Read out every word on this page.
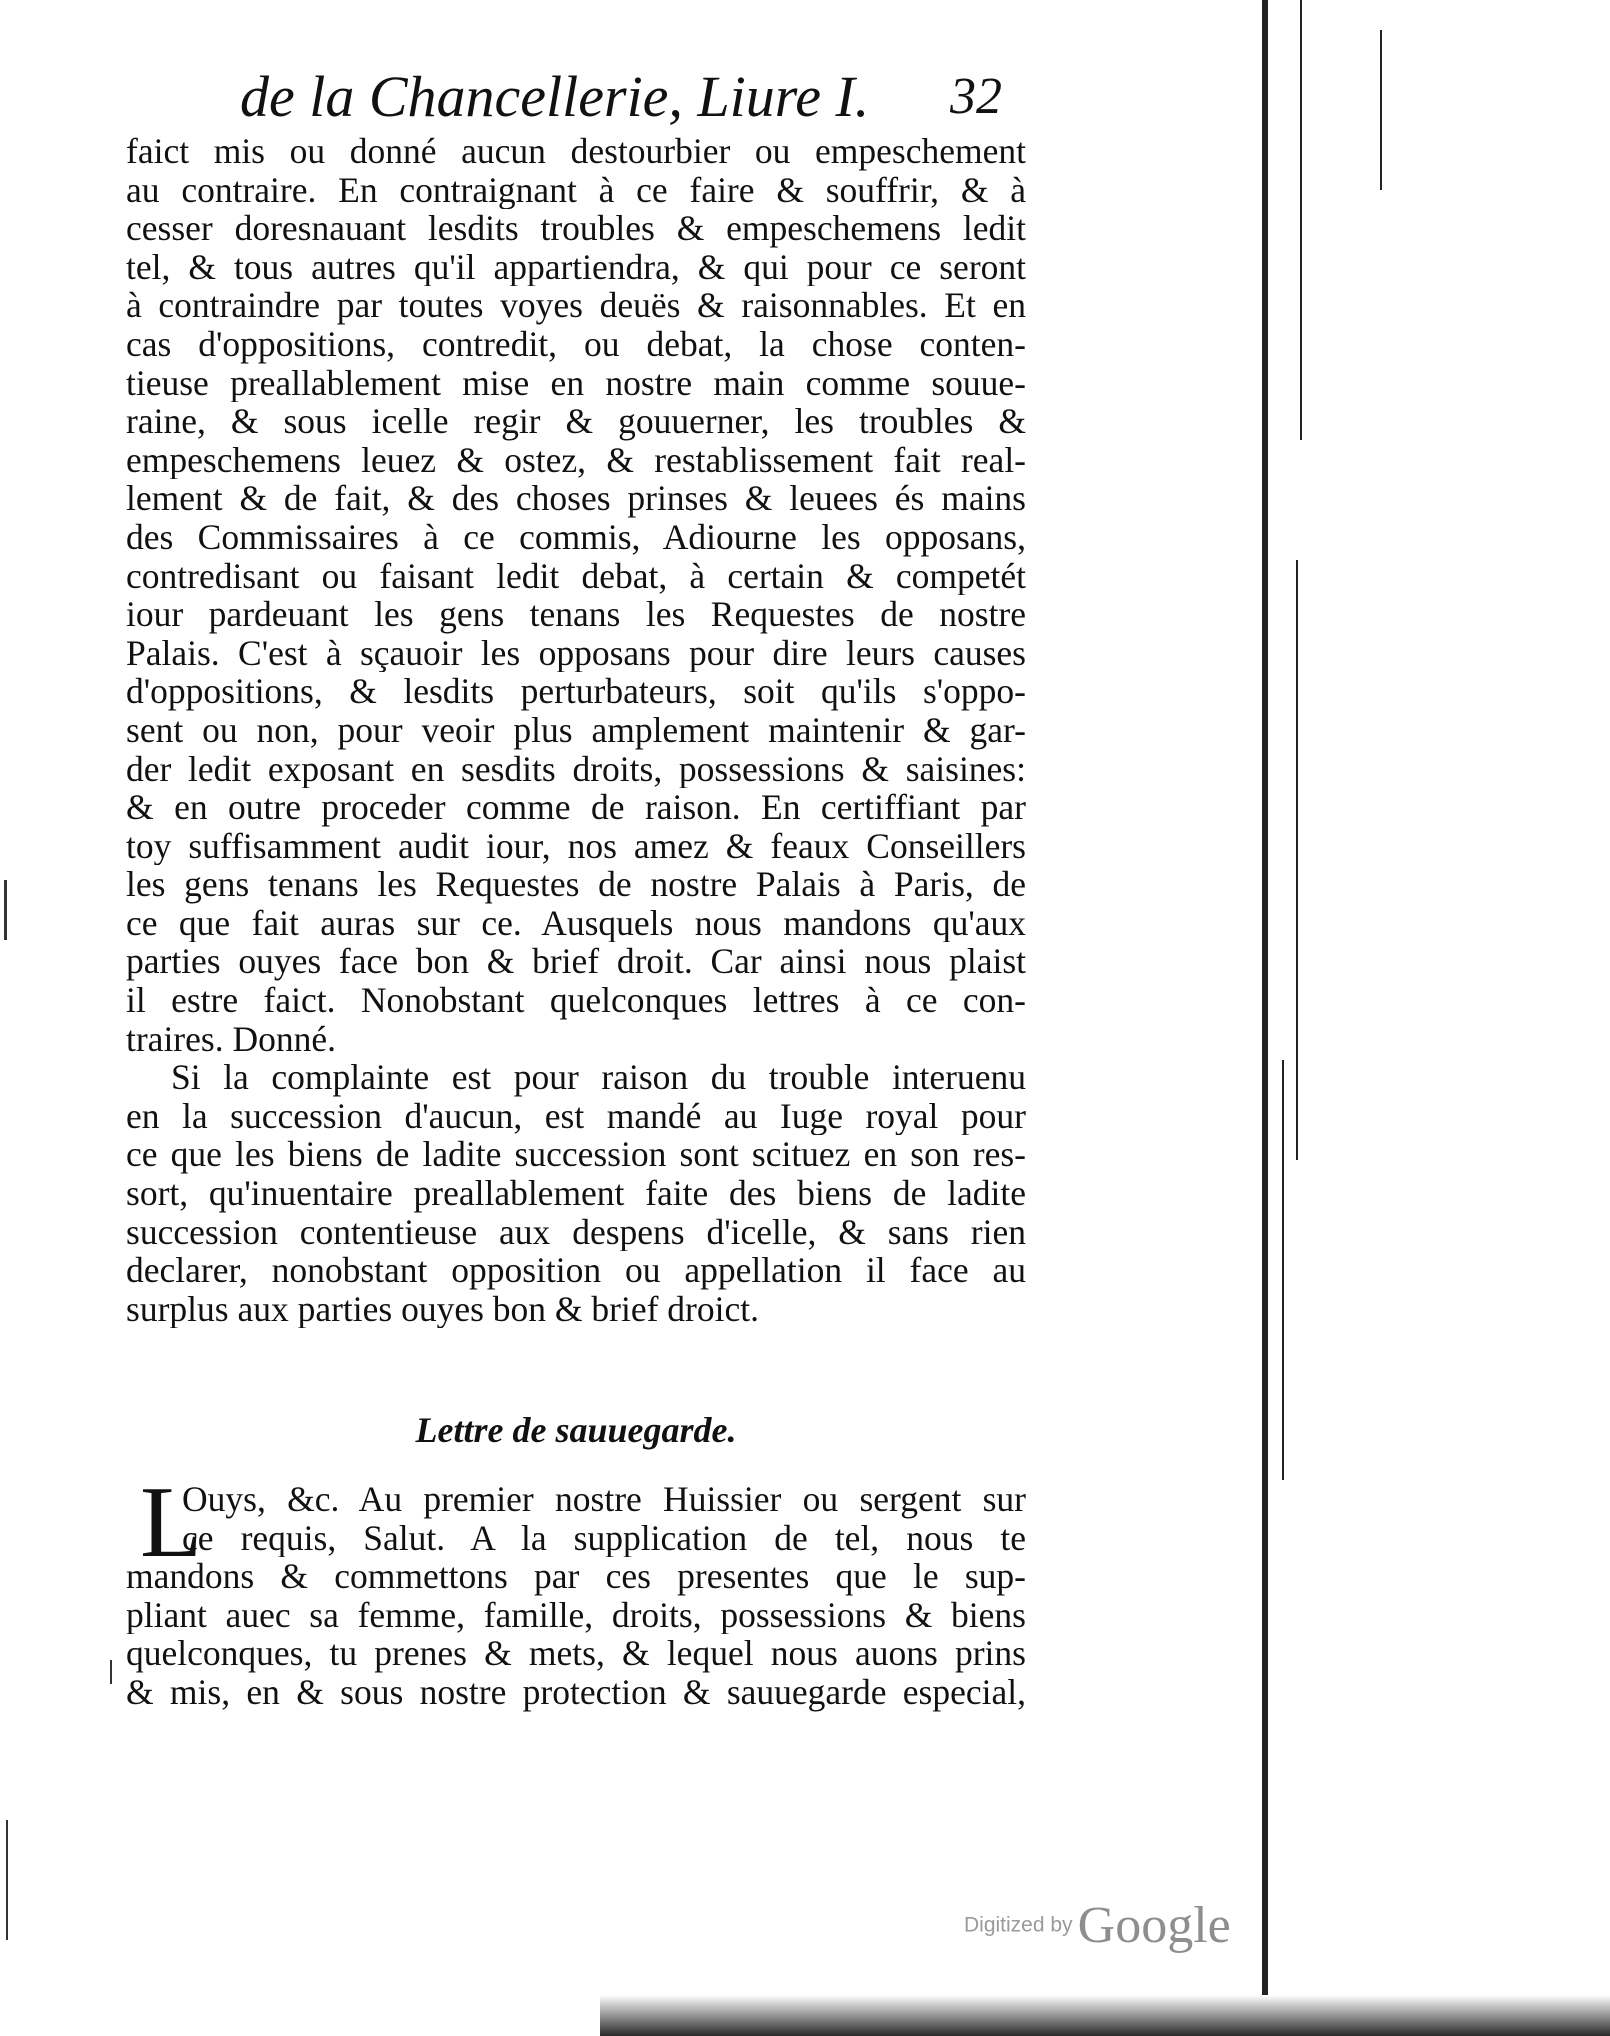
de la Chancellerie, Liure I.	32
faict mis ou donné aucun destourbier ou empeschement
au contraire. En contraignant à ce faire & souffrir, & à
cesser doresnauant lesdits troubles & empeschemens ledit
tel, & tous autres qu'il appartiendra, & qui pour ce seront
à contraindre par toutes voyes deuës & raisonnables. Et en
cas d'oppositions, contredit, ou debat, la chose conten-
tieuse preallablement mise en nostre main comme souue-
raine, & sous icelle regir & gouuerner, les troubles &
empeschemens leuez & ostez, & restablissement fait real-
lement & de fait, & des choses prinses & leuees és mains
des Commissaires à ce commis, Adiourne les opposans,
contredisant ou faisant ledit debat, à certain & competét
iour pardeuant les gens tenans les Requestes de nostre
Palais. C'est à sçauoir les opposans pour dire leurs causes
d'oppositions, & lesdits perturbateurs, soit qu'ils s'oppo-
sent ou non, pour veoir plus amplement maintenir & gar-
der ledit exposant en sesdits droits, possessions & saisines:
& en outre proceder comme de raison. En certiffiant par
toy suffisamment audit iour, nos amez & feaux Conseillers
les gens tenans les Requestes de nostre Palais à Paris, de
ce que fait auras sur ce. Ausquels nous mandons qu'aux
parties ouyes face bon & brief droit. Car ainsi nous plaist
il estre faict. Nonobstant quelconques lettres à ce con-
traires. Donné.
Si la complainte est pour raison du trouble interuenu
en la succession d'aucun, est mandé au Iuge royal pour
ce que les biens de ladite succession sont scituez en son res-
sort, qu'inuentaire preallablement faite des biens de ladite
succession contentieuse aux despens d'icelle, & sans rien
declarer, nonobstant opposition ou appellation il face au
surplus aux parties ouyes bon & brief droict.
Lettre de sauuegarde.
L
Ouys, &c. Au premier nostre Huissier ou sergent sur
ce requis, Salut. A la supplication de tel, nous te
mandons & commettons par ces presentes que le sup-
pliant auec sa femme, famille, droits, possessions & biens
quelconques, tu prenes & mets, & lequel nous auons prins
& mis, en & sous nostre protection & sauuegarde especial,
Digitized by Google
